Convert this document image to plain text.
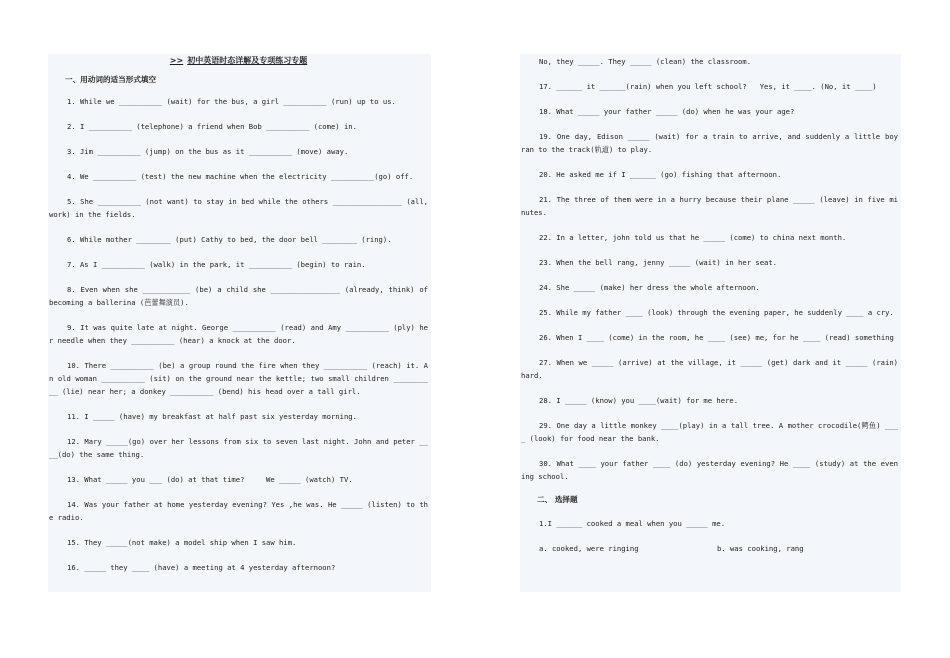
>> 初中英语时态详解及专项练习专题
一、用动词的适当形式填空
1. While we __________ (wait) for the bus, a girl __________ (run) up to us.
2. I __________ (telephone) a friend when Bob __________ (come) in.
3. Jim __________ (jump) on the bus as it __________ (move) away.
4. We __________ (test) the new machine when the electricity __________(go) off.
5. She __________ (not want) to stay in bed while the others ________________ (all, work) in the fields.
6. While mother ________ (put) Cathy to bed, the door bell ________ (ring).
7. As I __________ (walk) in the park, it __________ (begin) to rain.
8. Even when she ___________ (be) a child she ________________ (already, think) of becoming a ballerina (芭蕾舞演员).
9. It was quite late at night. George __________ (read) and Amy __________ (ply) her needle when they __________ (hear) a knock at the door.
10. There __________ (be) a group round the fire when they __________ (reach) it. An old woman __________ (sit) on the ground near the kettle; two small children __________ (lie) near her; a donkey __________ (bend) his head over a tall girl.
11. I _____ (have) my breakfast at half past six yesterday morning.
12. Mary _____(go) over her lessons from six to seven last night. John and peter ____(do) the same thing.
13. What _____ you ___ (do) at that time?     We _____ (watch) TV.
14. Was your father at home yesterday evening? Yes ,he was. He _____ (listen) to the radio.
15. They _____(not make) a model ship when I saw him.
16. _____ they ____ (have) a meeting at 4 yesterday afternoon?
No, they _____. They _____ (clean) the classroom.
17. ______ it ______(rain) when you left school?   Yes, it ____. (No, it ____)
18. What _____ your father _____ (do) when he was your age?
19. One day, Edison _____ (wait) for a train to arrive, and suddenly a little boy ran to the track(轨道) to play.
20. He asked me if I ______ (go) fishing that afternoon.
21. The three of them were in a hurry because their plane _____ (leave) in five minutes.
22. In a letter, john told us that he _____ (come) to china next month.
23. When the bell rang, jenny _____ (wait) in her seat.
24. She _____ (make) her dress the whole afternoon.
25. While my father ____ (look) through the evening paper, he suddenly ____ a cry.
26. When I ____ (come) in the room, he ____ (see) me, for he ____ (read) something
27. When we _____ (arrive) at the village, it _____ (get) dark and it _____ (rain) hard.
28. I _____ (know) you ____(wait) for me here.
29. One day a little monkey ____(play) in a tall tree. A mother crocodile(鳄鱼) ____ (look) for food near the bank.
30. What ____ your father ____ (do) yesterday evening? He ____ (study) at the evening school.
二、 选择题
1.I ______ cooked a meal when you _____ me.
a. cooked, were ringing	b. was cooking, rang
